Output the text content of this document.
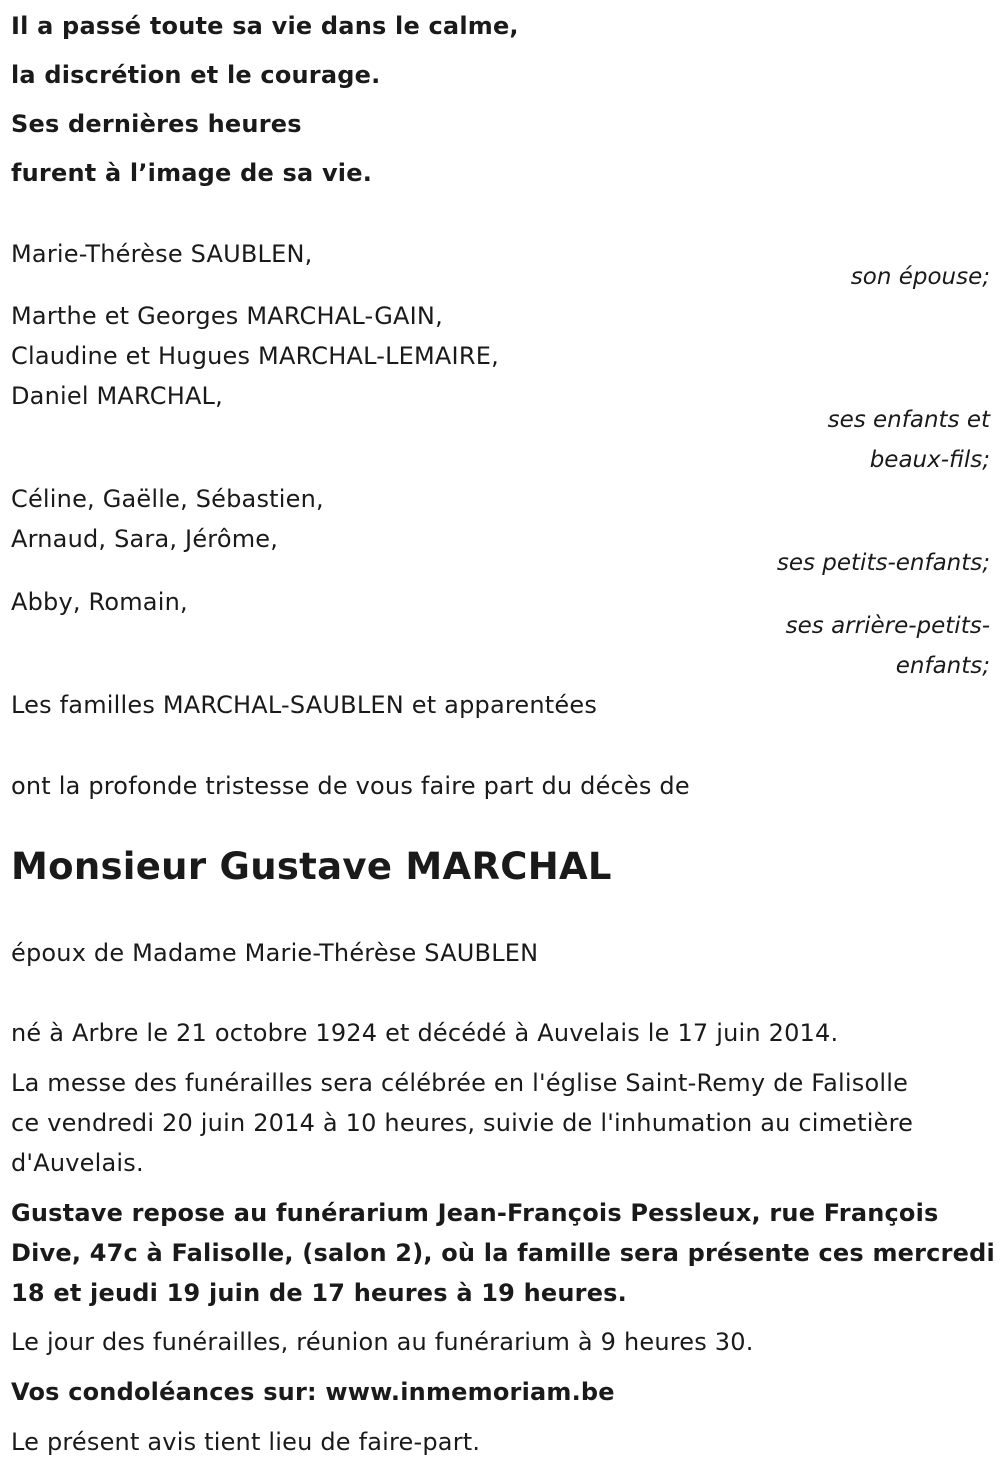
Il a passé toute sa vie dans le calme,
la discrétion et le courage.
Ses dernières heures
furent à l’image de sa vie.
Marie-Thérèse SAUBLEN,
son épouse;
Marthe et Georges MARCHAL-GAIN,
Claudine et Hugues MARCHAL-LEMAIRE,
Daniel MARCHAL,
ses enfants et
beaux-fils;
Céline, Gaëlle, Sébastien,
Arnaud, Sara, Jérôme,
ses petits-enfants;
Abby, Romain,
ses arrière-petits-
enfants;
Les familles MARCHAL-SAUBLEN et apparentées
ont la profonde tristesse de vous faire part du décès de
Monsieur Gustave MARCHAL
époux de Madame Marie-Thérèse SAUBLEN
né à Arbre le 21 octobre 1924 et décédé à Auvelais le 17 juin 2014.
La messe des funérailles sera célébrée en l'église Saint-Remy de Falisolle
ce vendredi 20 juin 2014 à 10 heures, suivie de l'inhumation au cimetière
d'Auvelais.
Gustave repose au funérarium Jean-François Pessleux, rue François
Dive, 47c à Falisolle, (salon 2), où la famille sera présente ces mercredi
18 et jeudi 19 juin de 17 heures à 19 heures.
Le jour des funérailles, réunion au funérarium à 9 heures 30.
Vos condoléances sur: www.inmemoriam.be
Le présent avis tient lieu de faire-part.
